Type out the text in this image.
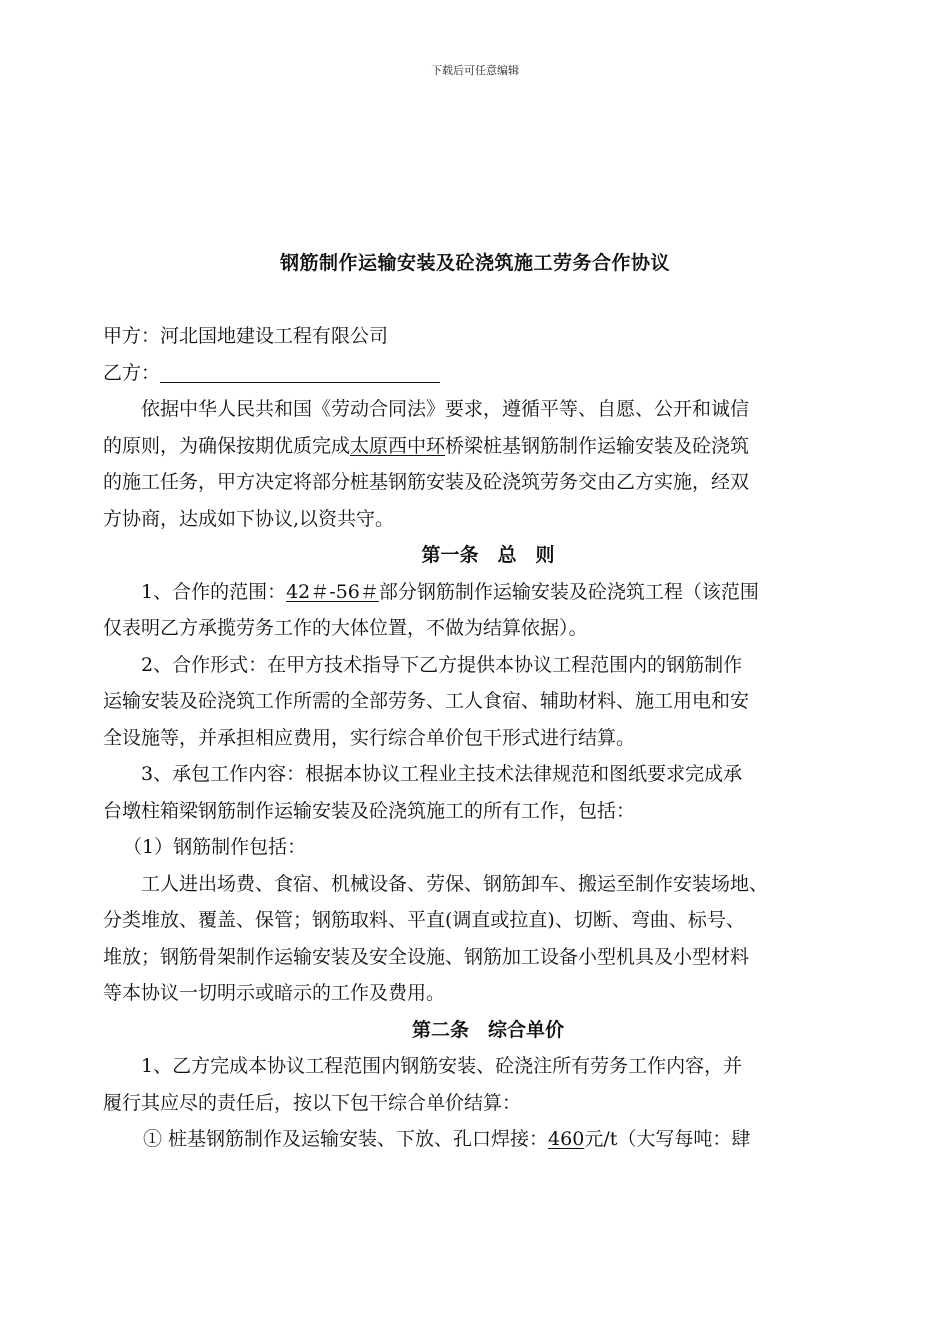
下载后可任意编辑
钢筋制作运输安装及砼浇筑施工劳务合作协议
甲方：河北国地建设工程有限公司
乙方：
依据中华人民共和国《劳动合同法》要求，遵循平等、自愿、公开和诚信
的原则，为确保按期优质完成太原西中环桥梁桩基钢筋制作运输安装及砼浇筑
的施工任务，甲方决定将部分桩基钢筋安装及砼浇筑劳务交由乙方实施，经双
方协商，达成如下协议,以资共守。
第一条　总　则
1、合作的范围：42＃-56＃部分钢筋制作运输安装及砼浇筑工程（该范围
仅表明乙方承揽劳务工作的大体位置，不做为结算依据）。
2、合作形式：在甲方技术指导下乙方提供本协议工程范围内的钢筋制作
运输安装及砼浇筑工作所需的全部劳务、工人食宿、辅助材料、施工用电和安
全设施等，并承担相应费用，实行综合单价包干形式进行结算。
3、承包工作内容：根据本协议工程业主技术法律规范和图纸要求完成承
台墩柱箱梁钢筋制作运输安装及砼浇筑施工的所有工作，包括：
（1）钢筋制作包括：
工人进出场费、食宿、机械设备、劳保、钢筋卸车、搬运至制作安装场地、
分类堆放、覆盖、保管；钢筋取料、平直(调直或拉直)、切断、弯曲、标号、
堆放；钢筋骨架制作运输安装及安全设施、钢筋加工设备小型机具及小型材料
等本协议一切明示或暗示的工作及费用。
第二条　综合单价
1、乙方完成本协议工程范围内钢筋安装、砼浇注所有劳务工作内容，并
履行其应尽的责任后，按以下包干综合单价结算：
① 桩基钢筋制作及运输安装、下放、孔口焊接：460元/t（大写每吨：肆
